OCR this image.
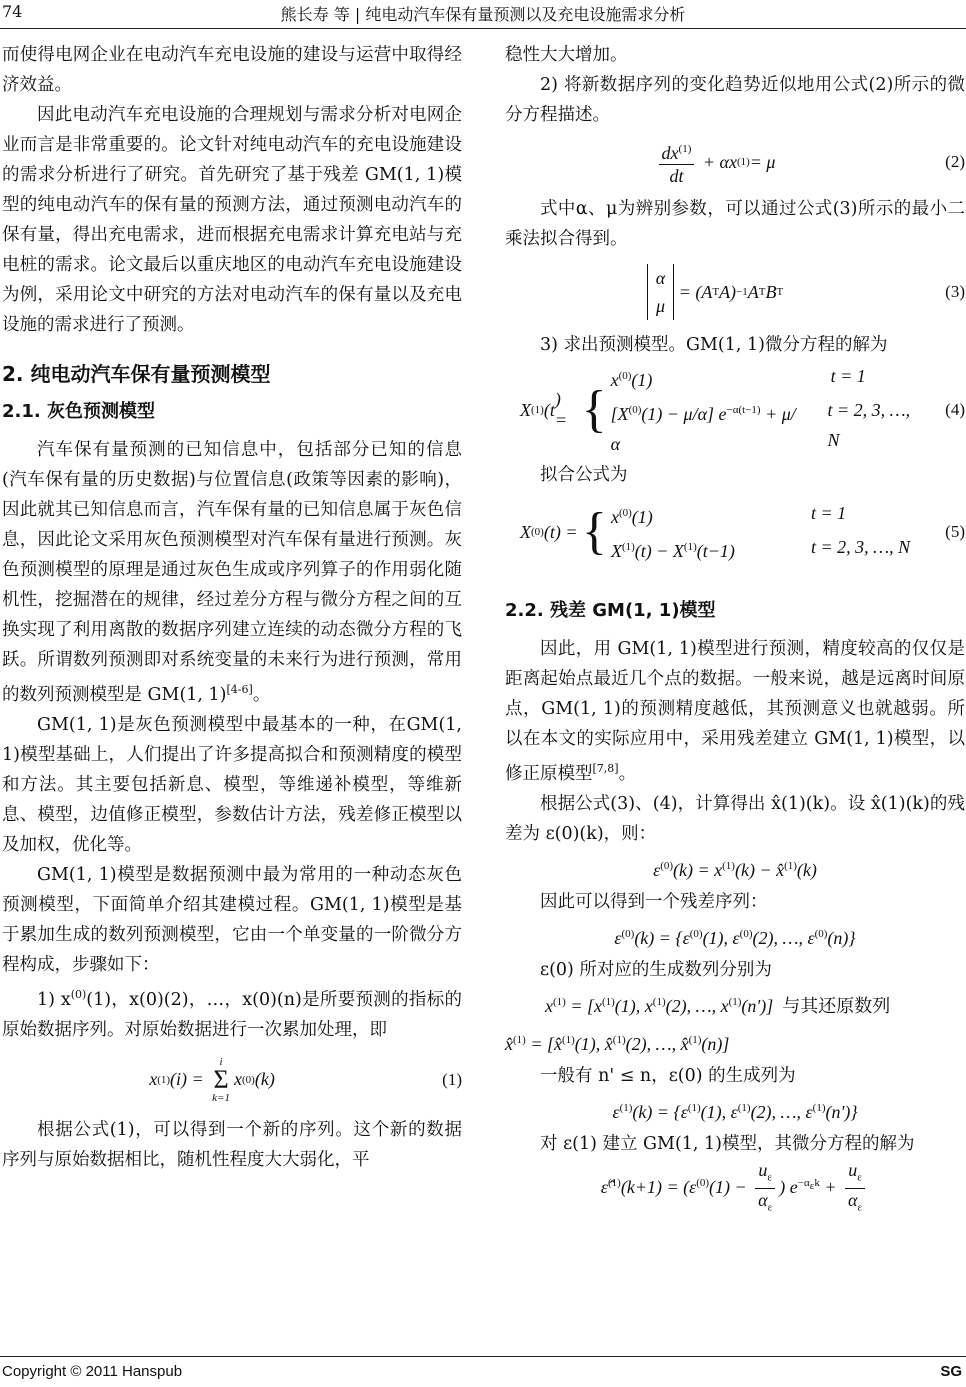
74	熊长寿 等 | 纯电动汽车保有量预测以及充电设施需求分析

而使得电网企业在电动汽车充电设施的建设与运营中取得经济效益。

因此电动汽车充电设施的合理规划与需求分析对电网企业而言是非常重要的。论文针对纯电动汽车的充电设施建设的需求分析进行了研究。首先研究了基于残差 GM(1, 1)模型的纯电动汽车的保有量的预测方法，通过预测电动汽车的保有量，得出充电需求，进而根据充电需求计算充电站与充电桩的需求。论文最后以重庆地区的电动汽车充电设施建设为例，采用论文中研究的方法对电动汽车的保有量以及充电设施的需求进行了预测。

2. 纯电动汽车保有量预测模型
2.1. 灰色预测模型

汽车保有量预测的已知信息中，包括部分已知的信息(汽车保有量的历史数据)与位置信息(政策等因素的影响)，因此就其已知信息而言，汽车保有量的已知信息属于灰色信息，因此论文采用灰色预测模型对汽车保有量进行预测。灰色预测模型的原理是通过灰色生成或序列算子的作用弱化随机性，挖掘潜在的规律，经过差分方程与微分方程之间的互换实现了利用离散的数据序列建立连续的动态微分方程的飞跃。所谓数列预测即对系统变量的未来行为进行预测，常用的数列预测模型是 GM(1, 1)[4-6]。

GM(1, 1)是灰色预测模型中最基本的一种，在GM(1, 1)模型基础上，人们提出了许多提高拟合和预测精度的模型和方法。其主要包括新息、模型，等维递补模型，等维新息、模型，边值修正模型，参数估计方法，残差修正模型以及加权，优化等。

GM(1, 1)模型是数据预测中最为常用的一种动态灰色预测模型，下面简单介绍其建模过程。GM(1, 1)模型是基于累加生成的数列预测模型，它由一个单变量的一阶微分方程构成，步骤如下：

1) $x^{(0)}(1)$，x(0)(2)，…，x(0)(n)是所要预测的指标的原始数据序列。对原始数据进行一次累加处理，即

x (1) ( i ) =
i
Σ
k=1
x (0) ( k )	(1)

根据公式(1)，可以得到一个新的序列。这个新的数据序列与原始数据相比，随机性程度大大弱化，平

稳性大大增加。

2) 将新数据序列的变化趋势近似地用公式(2)所示的微分方程描述。

$\frac{dx^{(1)}}{dt} + \alpha x$ (1) = μ	(2)

式中α、μ为辨别参数，可以通过公式(3)所示的最小二乘法拟合得到。

α
μ
= (A T A) −1 A T B T	(3)

3) 求出预测模型。GM(1, 1)微分方程的解为

X (1) ( t
) = {
$x^{(0)}(1)$	t = 1
$[X^{(0)}(1) - \mu/\alpha] e^{-\alpha(t-1)} + \mu/\alpha$
t = 2, 3, …, N
(4)

拟合公式为

X (0) ( t ) = { $x^{(0)}(1)$	t = 1
$X^{(1)}(t) - X^{(1)}(t-1)$	t = 2, 3, …, N
(5)
2.2. 残差 GM(1, 1)模型

因此，用 GM(1, 1)模型进行预测，精度较高的仅仅是距离起始点最近几个点的数据。一般来说，越是远离时间原点，GM(1, 1)的预测精度越低，其预测意义也就越弱。所以在本文的实际应用中，采用残差建立 GM(1, 1)模型，以修正原模型[7,8]。

根据公式(3)、(4)，计算得出 x̂(1)(k)。设 x̂(1)(k)的残差为 ε(0)(k)，则：

$\varepsilon^{(0)}(k) = x^{(1)}(k)$ − x̂$^{(1)}$(k)

因此可以得到一个残差序列：

$\varepsilon^{(0)}(k) = \{\varepsilon^{(0)}(1)$, $\varepsilon^{(0)}(2)$, …, $\varepsilon^{(0)}(n)$}

ε(0) 所对应的生成数列分别为

$x^{(1)} = [x^{(1)}(1)$, $x^{(1)}(2)$, …, $x^{(1)}(n')$]  与其还原数列
x̂$^{(1)}$ = [x̂$^{(1)}$(1), x̂$^{(1)}$(2), …, x̂$^{(1)}$(n)]

一般有 n' ≤ n，ε(0) 的生成列为

$\varepsilon^{(1)}(k) = \{\varepsilon^{(1)}(1)$, $\varepsilon^{(1)}(2)$, …, $\varepsilon^{(1)}(n')$}

对 ε(1) 建立 GM(1, 1)模型，其微分方程的解为

ε̂$^{(1)}$(k+1) = ($\varepsilon^{(0)}(1) - \frac{u_\varepsilon}{\alpha_\varepsilon}$ ) $e^{-\alpha_\varepsilon k} + \frac{u_\varepsilon}{\alpha_\varepsilon}$
Copyright © 2011 Hanspub	SG
